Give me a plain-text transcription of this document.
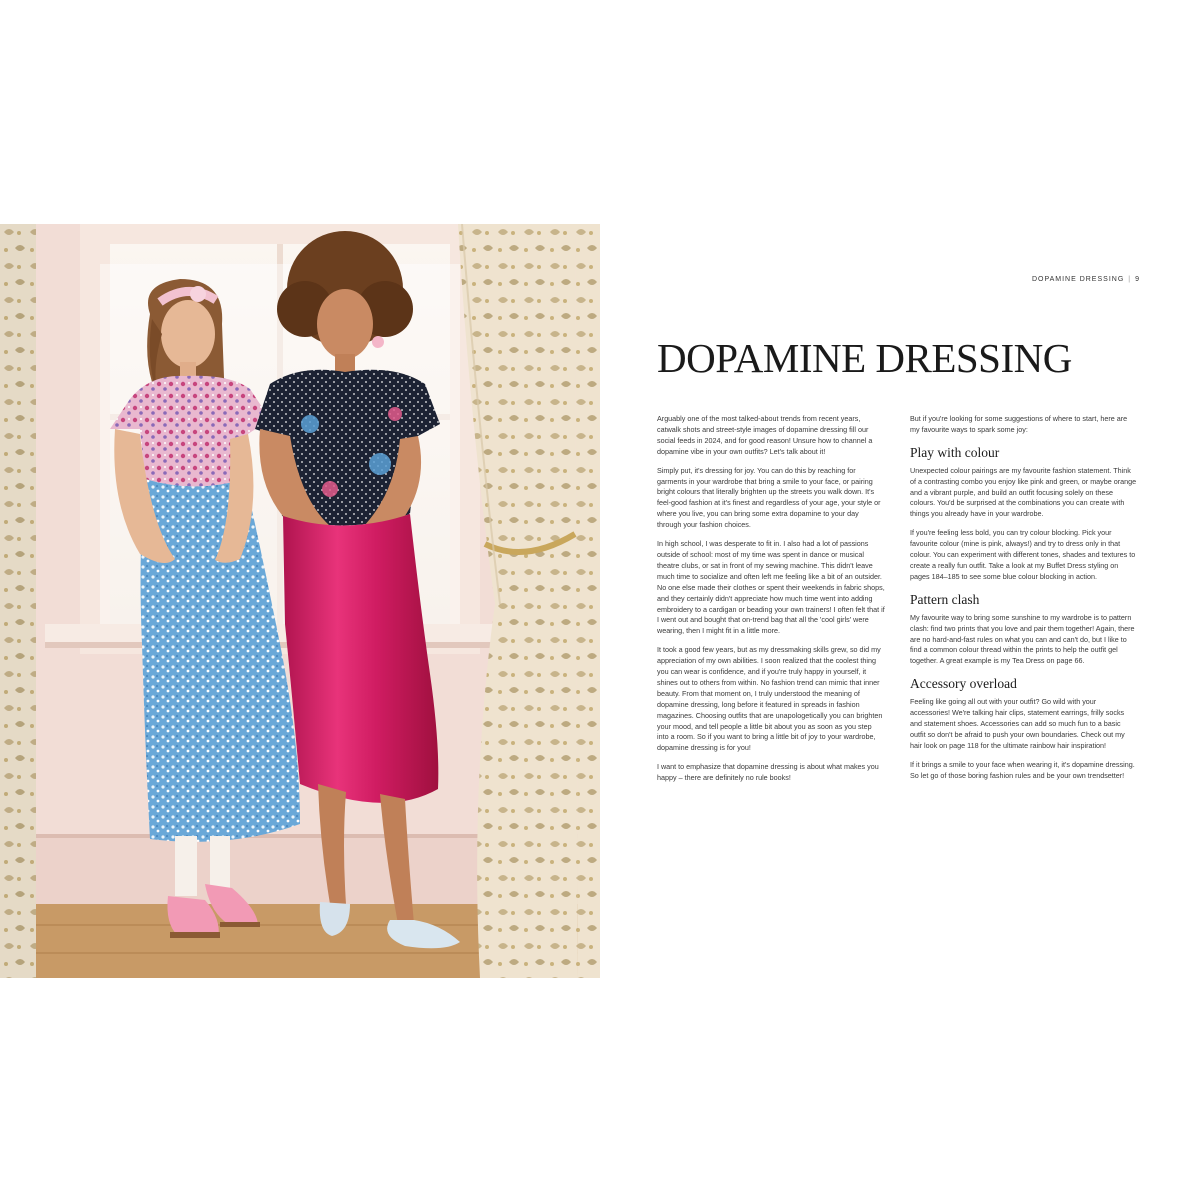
DOPAMINE DRESSING | 9
DOPAMINE DRESSING

Arguably one of the most talked-about trends from recent years, catwalk shots and street-style images of dopamine dressing fill our social feeds in 2024, and for good reason! Unsure how to channel a dopamine vibe in your own outfits? Let's talk about it!

Simply put, it's dressing for joy. You can do this by reaching for garments in your wardrobe that bring a smile to your face, or pairing bright colours that literally brighten up the streets you walk down. It's feel-good fashion at it's finest and regardless of your age, your style or where you live, you can bring some extra dopamine to your day through your fashion choices.

In high school, I was desperate to fit in. I also had a lot of passions outside of school: most of my time was spent in dance or musical theatre clubs, or sat in front of my sewing machine. This didn't leave much time to socialize and often left me feeling like a bit of an outsider. No one else made their clothes or spent their weekends in fabric shops, and they certainly didn't appreciate how much time went into adding embroidery to a cardigan or beading your own trainers! I often felt that if I went out and bought that on-trend bag that all the 'cool girls' were wearing, then I might fit in a little more.

It took a good few years, but as my dressmaking skills grew, so did my appreciation of my own abilities. I soon realized that the coolest thing you can wear is confidence, and if you're truly happy in yourself, it shines out to others from within. No fashion trend can mimic that inner beauty. From that moment on, I truly understood the meaning of dopamine dressing, long before it featured in spreads in fashion magazines. Choosing outfits that are unapologetically you can brighten your mood, and tell people a little bit about you as soon as you step into a room. So if you want to bring a little bit of joy to your wardrobe, dopamine dressing is for you!

I want to emphasize that dopamine dressing is about what makes you happy – there are definitely no rule books!

But if you're looking for some suggestions of where to start, here are my favourite ways to spark some joy:

Play with colour

Unexpected colour pairings are my favourite fashion statement. Think of a contrasting combo you enjoy like pink and green, or maybe orange and a vibrant purple, and build an outfit focusing solely on these colours. You'd be surprised at the combinations you can create with things you already have in your wardrobe.

If you're feeling less bold, you can try colour blocking. Pick your favourite colour (mine is pink, always!) and try to dress only in that colour. You can experiment with different tones, shades and textures to create a really fun outfit. Take a look at my Buffet Dress styling on pages 184–185 to see some blue colour blocking in action.

Pattern clash

My favourite way to bring some sunshine to my wardrobe is to pattern clash: find two prints that you love and pair them together! Again, there are no hard-and-fast rules on what you can and can't do, but I like to find a common colour thread within the prints to help the outfit gel together. A great example is my Tea Dress on page 66.

Accessory overload

Feeling like going all out with your outfit? Go wild with your accessories! We're talking hair clips, statement earrings, frilly socks and statement shoes. Accessories can add so much fun to a basic outfit so don't be afraid to push your own boundaries. Check out my hair look on page 118 for the ultimate rainbow hair inspiration!

If it brings a smile to your face when wearing it, it's dopamine dressing. So let go of those boring fashion rules and be your own trendsetter!
